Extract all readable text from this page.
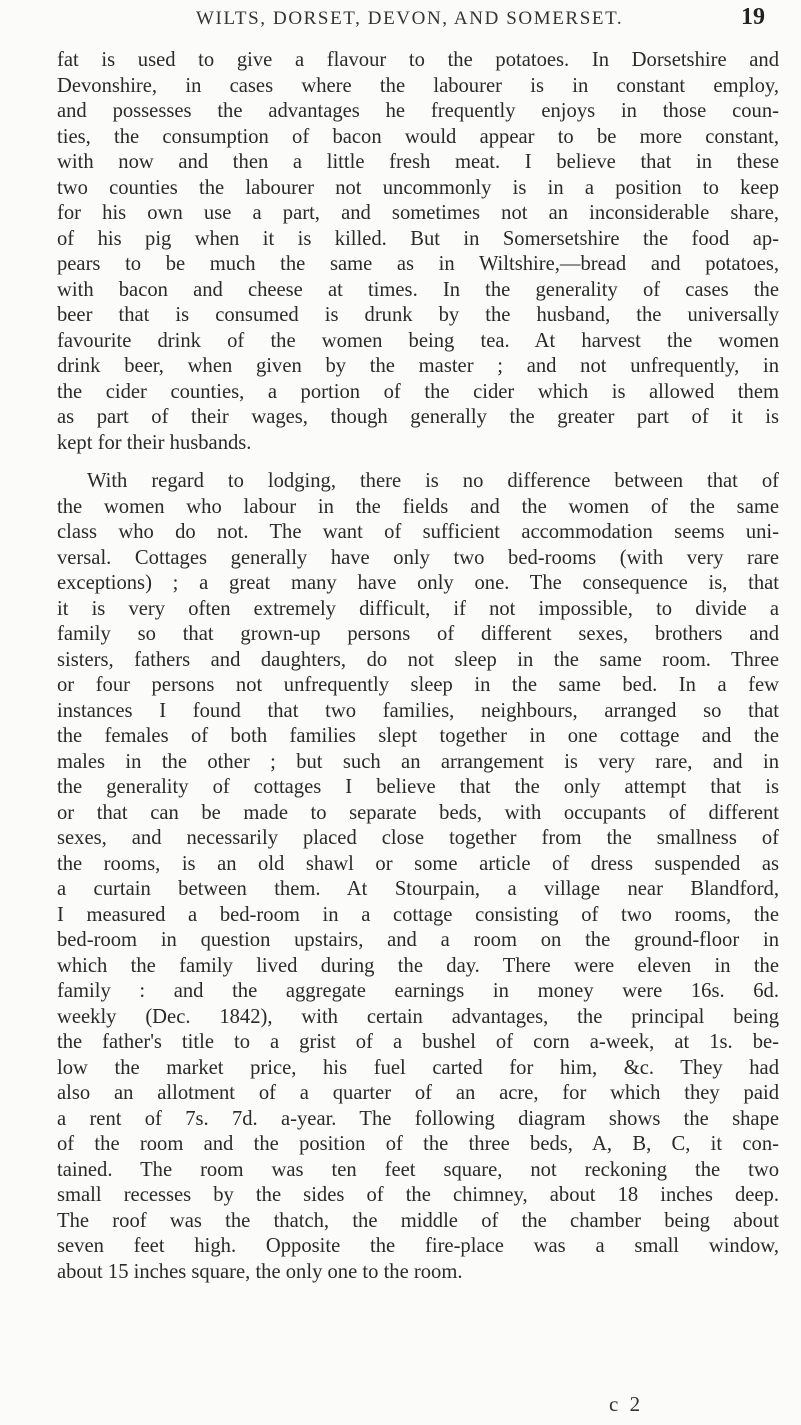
WILTS, DORSET, DEVON, AND SOMERSET.	19

fat is used to give a flavour to the potatoes. In Dorsetshire and
Devonshire, in cases where the labourer is in constant employ,
and possesses the advantages he frequently enjoys in those coun-
ties, the consumption of bacon would appear to be more constant,
with now and then a little fresh meat. I believe that in these
two counties the labourer not uncommonly is in a position to keep
for his own use a part, and sometimes not an inconsiderable share,
of his pig when it is killed. But in Somersetshire the food ap-
pears to be much the same as in Wiltshire,—bread and potatoes,
with bacon and cheese at times. In the generality of cases the
beer that is consumed is drunk by the husband, the universally
favourite drink of the women being tea. At harvest the women
drink beer, when given by the master ; and not unfrequently, in
the cider counties, a portion of the cider which is allowed them
as part of their wages, though generally the greater part of it is
kept for their husbands.

With regard to lodging, there is no difference between that of
the women who labour in the fields and the women of the same
class who do not. The want of sufficient accommodation seems uni-
versal. Cottages generally have only two bed-rooms (with very rare
exceptions) ; a great many have only one. The consequence is, that
it is very often extremely difficult, if not impossible, to divide a
family so that grown-up persons of different sexes, brothers and
sisters, fathers and daughters, do not sleep in the same room. Three
or four persons not unfrequently sleep in the same bed. In a few
instances I found that two families, neighbours, arranged so that
the females of both families slept together in one cottage and the
males in the other ; but such an arrangement is very rare, and in
the generality of cottages I believe that the only attempt that is
or that can be made to separate beds, with occupants of different
sexes, and necessarily placed close together from the smallness of
the rooms, is an old shawl or some article of dress suspended as
a curtain between them. At Stourpain, a village near Blandford,
I measured a bed-room in a cottage consisting of two rooms, the
bed-room in question upstairs, and a room on the ground-floor in
which the family lived during the day. There were eleven in the
family : and the aggregate earnings in money were 16s. 6d.
weekly (Dec. 1842), with certain advantages, the principal being
the father's title to a grist of a bushel of corn a-week, at 1s. be-
low the market price, his fuel carted for him, &c. They had
also an allotment of a quarter of an acre, for which they paid
a rent of 7s. 7d. a-year. The following diagram shows the shape
of the room and the position of the three beds, A, B, C, it con-
tained. The room was ten feet square, not reckoning the two
small recesses by the sides of the chimney, about 18 inches deep.
The roof was the thatch, the middle of the chamber being about
seven feet high. Opposite the fire-place was a small window,
about 15 inches square, the only one to the room.

c 2
